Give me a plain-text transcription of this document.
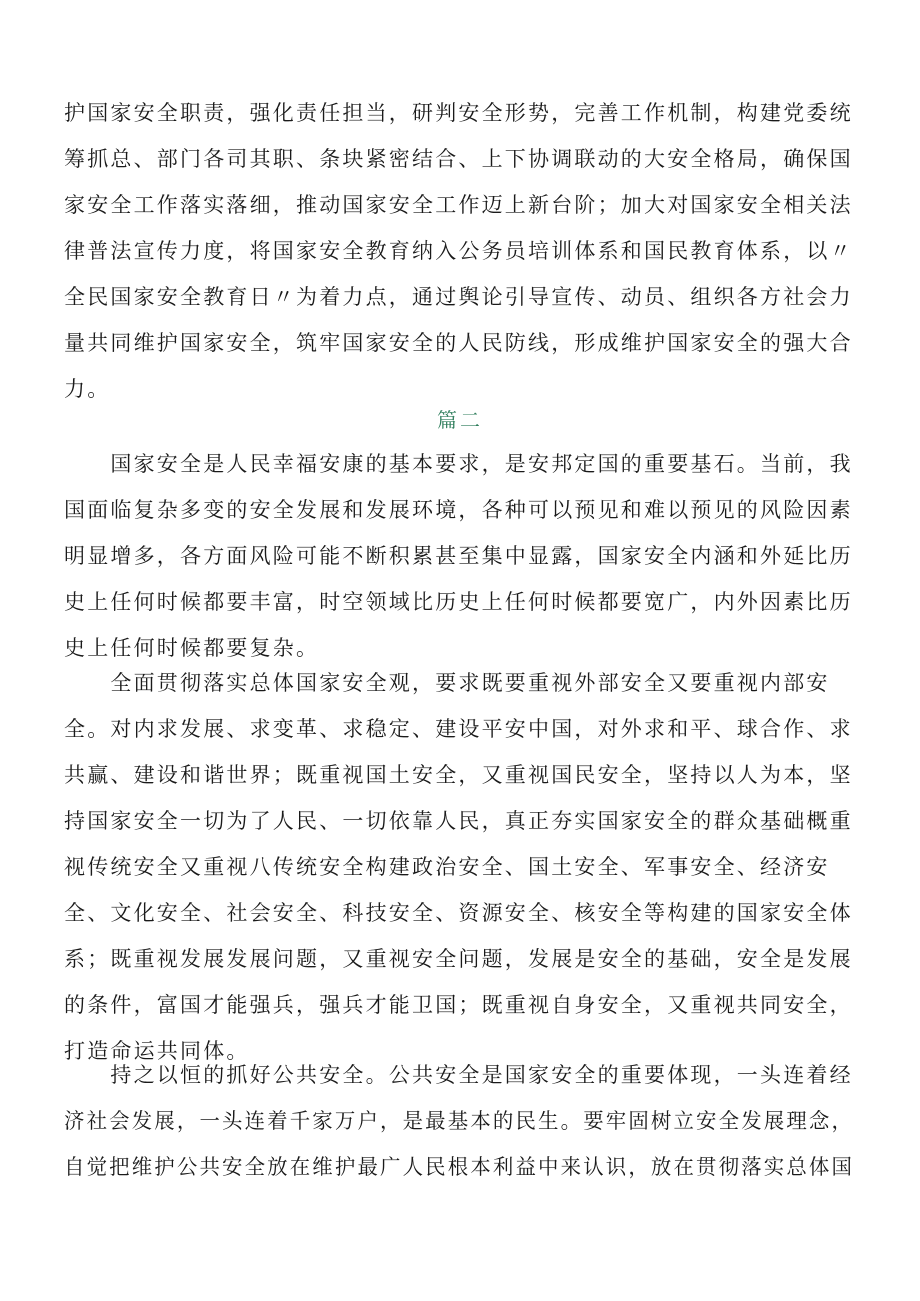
护国家安全职责，强化责任担当，研判安全形势，完善工作机制，构建党委统
筹抓总、部门各司其职、条块紧密结合、上下协调联动的大安全格局，确保国
家安全工作落实落细，推动国家安全工作迈上新台阶；加大对国家安全相关法
律普法宣传力度，将国家安全教育纳入公务员培训体系和国民教育体系，以〃
全民国家安全教育日〃为着力点，通过舆论引导宣传、动员、组织各方社会力
量共同维护国家安全，筑牢国家安全的人民防线，形成维护国家安全的强大合
力。
篇二
　　国家安全是人民幸福安康的基本要求，是安邦定国的重要基石。当前，我
国面临复杂多变的安全发展和发展环境，各种可以预见和难以预见的风险因素
明显增多，各方面风险可能不断积累甚至集中显露，国家安全内涵和外延比历
史上任何时候都要丰富，时空领域比历史上任何时候都要宽广，内外因素比历
史上任何时候都要复杂。
　　全面贯彻落实总体国家安全观，要求既要重视外部安全又要重视内部安
全。对内求发展、求变革、求稳定、建设平安中国，对外求和平、球合作、求
共赢、建设和谐世界；既重视国土安全，又重视国民安全，坚持以人为本，坚
持国家安全一切为了人民、一切依靠人民，真正夯实国家安全的群众基础概重
视传统安全又重视八传统安全构建政治安全、国土安全、军事安全、经济安
全、文化安全、社会安全、科技安全、资源安全、核安全等构建的国家安全体
系；既重视发展发展问题，又重视安全问题，发展是安全的基础，安全是发展
的条件，富国才能强兵，强兵才能卫国；既重视自身安全，又重视共同安全，
打造命运共同体。
　　持之以恒的抓好公共安全。公共安全是国家安全的重要体现，一头连着经
济社会发展，一头连着千家万户，是最基本的民生。要牢固树立安全发展理念，
自觉把维护公共安全放在维护最广人民根本利益中来认识，放在贯彻落实总体国
